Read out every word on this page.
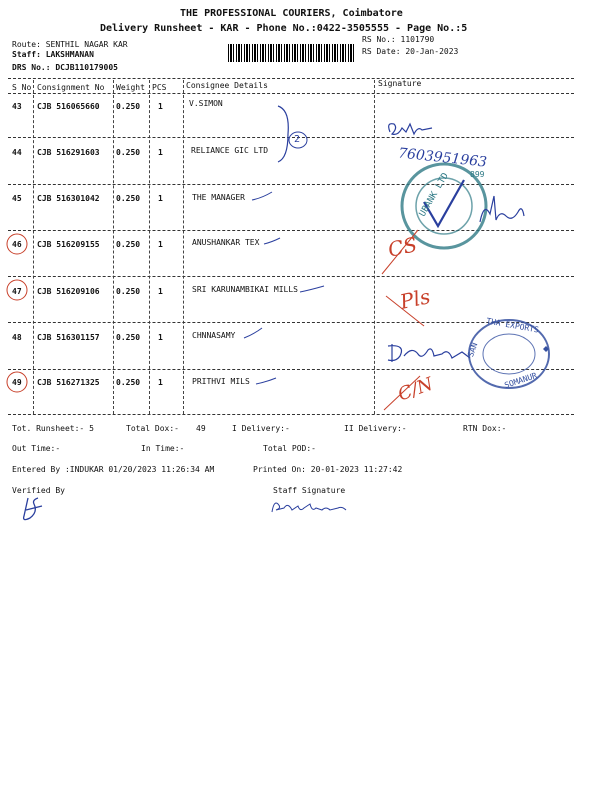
THE PROFESSIONAL COURIERS, Coimbatore
Delivery Runsheet - KAR - Phone No.:0422-3505555 - Page No.:5
Route: SENTHIL NAGAR KAR
Staff: LAKSHMANAN
DRS No.: DCJB110179005
RS No.: 1101790
RS Date: 20-Jan-2023
S No Consignment No Weight PCS Consignee Details	Signature
43 CJB 516065660 0.250 1	V.SIMON
44 CJB 516291603 0.250 1	RELIANCE GIC LTD
45 CJB 516301042 0.250 1	THE MANAGER
46 CJB 516209155 0.250 1	ANUSHANKAR TEX
47 CJB 516209106 0.250 1	SRI KARUNAMBIKAI MILLS
48 CJB 516301157 0.250 1	CHNNASAMY
49 CJB 516271325 0.250 1	PRITHVI MILS
Tot. Runsheet:- 5	Total Dox:- 49	I Delivery:-	II Delivery:-	RTN Dox:-
Out Time:-	In Time:-	Total POD:-
Entered By :INDUKAR 01/20/2023 11:26:34 AM	Printed On: 20-01-2023 11:27:42
Verified By	Staff Signature
2
7603951963
UBANK LTD 899
CS
Pls
C/N
THA EXPORTS
SAN
SOMANUR
